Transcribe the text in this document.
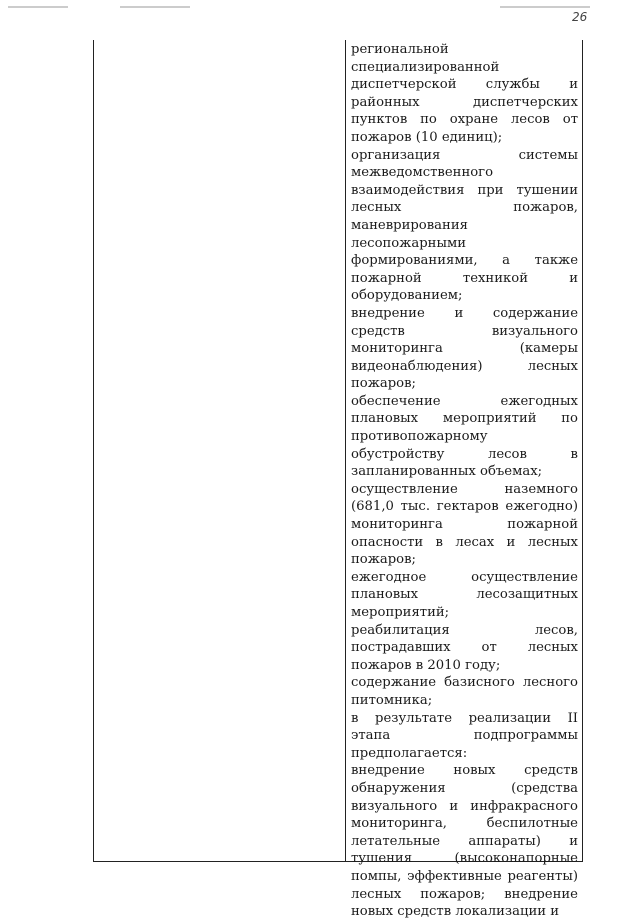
26

региональной специализированной диспетчерской службы и районных диспетчерских пунктов по охране лесов от пожаров (10 единиц);

организация системы межведомственного взаимодействия при тушении лесных пожаров, маневрирования лесопожарными формированиями, а также пожарной техникой и оборудованием;

внедрение и содержание средств визуального мониторинга (камеры видеонаблюдения) лесных пожаров;

обеспечение ежегодных плановых мероприятий по противопожарному обустройству лесов в запланированных объемах;

осуществление наземного (681,0 тыс. гектаров ежегодно) мониторинга пожарной опасности в лесах и лесных пожаров;

ежегодное осуществление плановых лесозащитных мероприятий;

реабилитация лесов, пострадавших от лесных пожаров в 2010 году;

содержание базисного лесного питомника;

в результате реализации II этапа подпрограммы предполагается:

внедрение новых средств обнаружения (средства визуального и инфракрасного мониторинга, беспилотные летательные аппараты) и тушения (высоконапорные помпы, эффективные реагенты) лесных пожаров; внедрение новых средств локализации и
